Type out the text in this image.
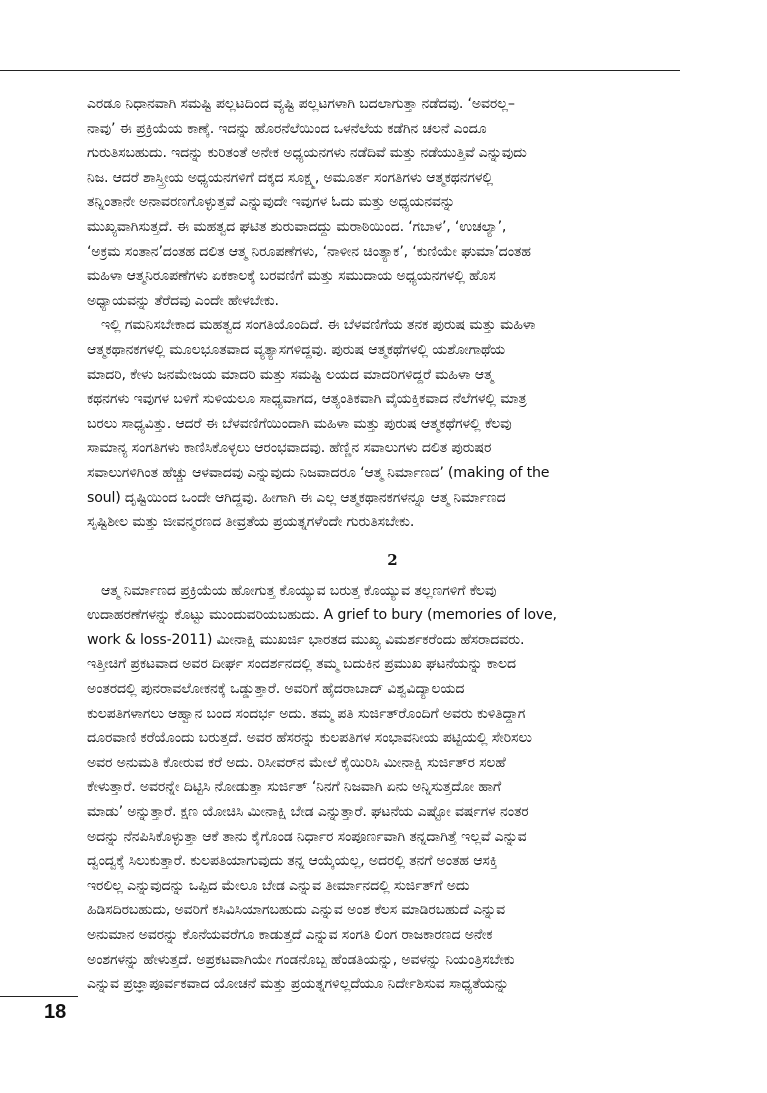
ಎರಡೂ ನಿಧಾನವಾಗಿ ಸಮಷ್ಟಿ ಪಲ್ಲಟದಿಂದ ವ್ಯಷ್ಟಿ ಪಲ್ಲಟಗಳಾಗಿ ಬದಲಾಗುತ್ತಾ ನಡೆದವು. ‘ಅವರಲ್ಲ–
ನಾವು’ ಈ ಪ್ರಕ್ರಿಯೆಯ ಕಾಣ್ಕೆ. ಇದನ್ನು ಹೊರನೆಲೆಯಿಂದ ಒಳನೆಲೆಯ ಕಡೆಗಿನ ಚಲನೆ ಎಂದೂ
ಗುರುತಿಸಬಹುದು. ಇದನ್ನು ಕುರಿತಂತೆ ಅನೇಕ ಅಧ್ಯಯನಗಳು ನಡೆದಿವೆ ಮತ್ತು ನಡೆಯುತ್ತಿವೆ ಎನ್ನುವುದು
ನಿಜ. ಆದರೆ ಶಾಸ್ತ್ರೀಯ ಅಧ್ಯಯನಗಳಿಗೆ ದಕ್ಕದ ಸೂಕ್ಷ್ಮ, ಅಮೂರ್ತ ಸಂಗತಿಗಳು ಆತ್ಮಕಥನಗಳಲ್ಲಿ
ತನ್ನಿಂತಾನೇ ಅನಾವರಣಗೊಳ್ಳುತ್ತವೆ ಎನ್ನುವುದೇ ಇವುಗಳ ಓದು ಮತ್ತು ಅಧ್ಯಯನವನ್ನು
ಮುಖ್ಯವಾಗಿಸುತ್ತದೆ. ಈ ಮಹತ್ವದ ಘಟಿತ ಶುರುವಾದದ್ದು ಮರಾಠಿಯಿಂದ. ‘ಗಬಾಳ’, ‘ಉಚಲ್ಯಾ’,
‘ಅಕ್ರಮ ಸಂತಾನ’ದಂತಹ ದಲಿತ ಆತ್ಮ ನಿರೂಪಣೆಗಳು, ‘ನಾಳೀನ ಚಿಂತ್ಯಾಕ’, ‘ಕುಣಿಯೇ ಘುಮಾ’ದಂತಹ
ಮಹಿಳಾ ಆತ್ಮನಿರೂಪಣೆಗಳು ಏಕಕಾಲಕ್ಕೆ ಬರವಣಿಗೆ ಮತ್ತು ಸಮುದಾಯ ಅಧ್ಯಯನಗಳಲ್ಲಿ ಹೊಸ
ಅಧ್ಯಾಯವನ್ನು ತೆರೆದವು ಎಂದೇ ಹೇಳಬೇಕು.

ಇಲ್ಲಿ ಗಮನಿಸಬೇಕಾದ ಮಹತ್ವದ ಸಂಗತಿಯೊಂದಿದೆ. ಈ ಬೆಳವಣಿಗೆಯ ತನಕ ಪುರುಷ ಮತ್ತು ಮಹಿಳಾ
ಆತ್ಮಕಥಾನಕಗಳಲ್ಲಿ ಮೂಲಭೂತವಾದ ವ್ಯತ್ಯಾಸಗಳಿದ್ದವು. ಪುರುಷ ಆತ್ಮಕಥೆಗಳಲ್ಲಿ ಯಶೋಗಾಥೆಯ
ಮಾದರಿ, ಕೇಳು ಜನಮೇಜಯ ಮಾದರಿ ಮತ್ತು ಸಮಷ್ಟಿ ಲಯದ ಮಾದರಿಗಳಿದ್ದರೆ ಮಹಿಳಾ ಆತ್ಮ
ಕಥನಗಳು ಇವುಗಳ ಬಳಿಗೆ ಸುಳಿಯಲೂ ಸಾಧ್ಯವಾಗದ, ಆತ್ಯಂತಿಕವಾಗಿ ವೈಯಕ್ತಿಕವಾದ ನೆಲೆಗಳಲ್ಲಿ ಮಾತ್ರ
ಬರಲು ಸಾಧ್ಯವಿತ್ತು. ಆದರೆ ಈ ಬೆಳವಣಿಗೆಯಿಂದಾಗಿ ಮಹಿಳಾ ಮತ್ತು ಪುರುಷ ಆತ್ಮಕಥೆಗಳಲ್ಲಿ ಕೆಲವು
ಸಾಮಾನ್ಯ ಸಂಗತಿಗಳು ಕಾಣಿಸಿಕೊಳ್ಳಲು ಆರಂಭವಾದವು. ಹೆಣ್ಣಿನ ಸವಾಲುಗಳು ದಲಿತ ಪುರುಷರ
ಸವಾಲುಗಳಿಗಿಂತ ಹೆಚ್ಚು ಆಳವಾದವು ಎನ್ನುವುದು ನಿಜವಾದರೂ ‘ಆತ್ಮ ನಿರ್ಮಾಣದ’ (making of the
soul) ದೃಷ್ಟಿಯಿಂದ ಒಂದೇ ಆಗಿದ್ದವು. ಹೀಗಾಗಿ ಈ ಎಲ್ಲ ಆತ್ಮಕಥಾನಕಗಳನ್ನೂ ಆತ್ಮ ನಿರ್ಮಾಣದ
ಸೃಷ್ಟಿಶೀಲ ಮತ್ತು ಜೀವನ್ಮರಣದ ತೀವ್ರತೆಯ ಪ್ರಯತ್ನಗಳೆಂದೇ ಗುರುತಿಸಬೇಕು.

2

ಆತ್ಮ ನಿರ್ಮಾಣದ ಪ್ರಕ್ರಿಯೆಯ ಹೋಗುತ್ತ ಕೊಯ್ಯುವ ಬರುತ್ತ ಕೊಯ್ಯುವ ತಲ್ಲಣಗಳಿಗೆ ಕೆಲವು
ಉದಾಹರಣೆಗಳನ್ನು ಕೊಟ್ಟು ಮುಂದುವರಿಯಬಹುದು. A grief to bury (memories of love,
work & loss-2011) ಮೀನಾಕ್ಷಿ ಮುಖರ್ಜಿ ಭಾರತದ ಮುಖ್ಯ ವಿಮರ್ಶಕರೆಂದು ಹೆಸರಾದವರು.
ಇತ್ತೀಚಿಗೆ ಪ್ರಕಟವಾದ ಅವರ ದೀರ್ಘ ಸಂದರ್ಶನದಲ್ಲಿ ತಮ್ಮ ಬದುಕಿನ ಪ್ರಮುಖ ಘಟನೆಯನ್ನು ಕಾಲದ
ಅಂತರದಲ್ಲಿ ಪುನರಾವಲೋಕನಕ್ಕೆ ಒಡ್ಡುತ್ತಾರೆ. ಅವರಿಗೆ ಹೈದರಾಬಾದ್ ವಿಶ್ವವಿದ್ಯಾಲಯದ
ಕುಲಪತಿಗಳಾಗಲು ಆಹ್ವಾನ ಬಂದ ಸಂದರ್ಭ ಅದು. ತಮ್ಮ ಪತಿ ಸುರ್ಜಿತ್‌ರೊಂದಿಗೆ ಅವರು ಕುಳಿತಿದ್ದಾಗ
ದೂರವಾಣಿ ಕರೆಯೊಂದು ಬರುತ್ತದೆ. ಅವರ ಹೆಸರನ್ನು ಕುಲಪತಿಗಳ ಸಂಭಾವನೀಯ ಪಟ್ಟಿಯಲ್ಲಿ ಸೇರಿಸಲು
ಅವರ ಅನುಮತಿ ಕೋರುವ ಕರೆ ಅದು. ರಿಸೀವರ್‌ನ ಮೇಲೆ ಕೈಯಿರಿಸಿ ಮೀನಾಕ್ಷಿ ಸುರ್ಜಿತ್‌ರ ಸಲಹೆ
ಕೇಳುತ್ತಾರೆ. ಅವರನ್ನೇ ದಿಟ್ಟಿಸಿ ನೋಡುತ್ತಾ ಸುರ್ಜಿತ್ ‘ನಿನಗೆ ನಿಜವಾಗಿ ಏನು ಅನ್ನಿಸುತ್ತದೋ ಹಾಗೆ
ಮಾಡು’ ಅನ್ನುತ್ತಾರೆ. ಕ್ಷಣ ಯೋಚಿಸಿ ಮೀನಾಕ್ಷಿ ಬೇಡ ಎನ್ನುತ್ತಾರೆ. ಘಟನೆಯ ಎಷ್ಟೋ ವರ್ಷಗಳ ನಂತರ
ಅದನ್ನು ನೆನಪಿಸಿಕೊಳ್ಳುತ್ತಾ ಆಕೆ ತಾನು ಕೈಗೊಂಡ ನಿರ್ಧಾರ ಸಂಪೂರ್ಣವಾಗಿ ತನ್ನದಾಗಿತ್ತೆ ಇಲ್ಲವೆ ಎನ್ನುವ
ದ್ವಂದ್ವಕ್ಕೆ ಸಿಲುಕುತ್ತಾರೆ. ಕುಲಪತಿಯಾಗುವುದು ತನ್ನ ಆಯ್ಕೆಯಲ್ಲ, ಅದರಲ್ಲಿ ತನಗೆ ಅಂತಹ ಆಸಕ್ತಿ
ಇರಲಿಲ್ಲ ಎನ್ನುವುದನ್ನು ಒಪ್ಪಿದ ಮೇಲೂ ಬೇಡ ಎನ್ನುವ ತೀರ್ಮಾನದಲ್ಲಿ ಸುರ್ಜಿತ್‌ಗೆ ಅದು
ಹಿಡಿಸದಿರಬಹುದು, ಅವರಿಗೆ ಕಸಿವಿಸಿಯಾಗಬಹುದು ಎನ್ನುವ ಅಂಶ ಕೆಲಸ ಮಾಡಿರಬಹುದೆ ಎನ್ನುವ
ಅನುಮಾನ ಅವರನ್ನು ಕೊನೆಯವರೆಗೂ ಕಾಡುತ್ತದೆ ಎನ್ನುವ ಸಂಗತಿ ಲಿಂಗ ರಾಜಕಾರಣದ ಅನೇಕ
ಅಂಶಗಳನ್ನು ಹೇಳುತ್ತದೆ. ಅಪ್ರಕಟವಾಗಿಯೇ ಗಂಡನೊಬ್ಬ ಹೆಂಡತಿಯನ್ನು, ಅವಳನ್ನು ನಿಯಂತ್ರಿಸಬೇಕು
ಎನ್ನುವ ಪ್ರಜ್ಞಾಪೂರ್ವಕವಾದ ಯೋಚನೆ ಮತ್ತು ಪ್ರಯತ್ನಗಳಿಲ್ಲದೆಯೂ ನಿರ್ದೇಶಿಸುವ ಸಾಧ್ಯತೆಯನ್ನು

18
